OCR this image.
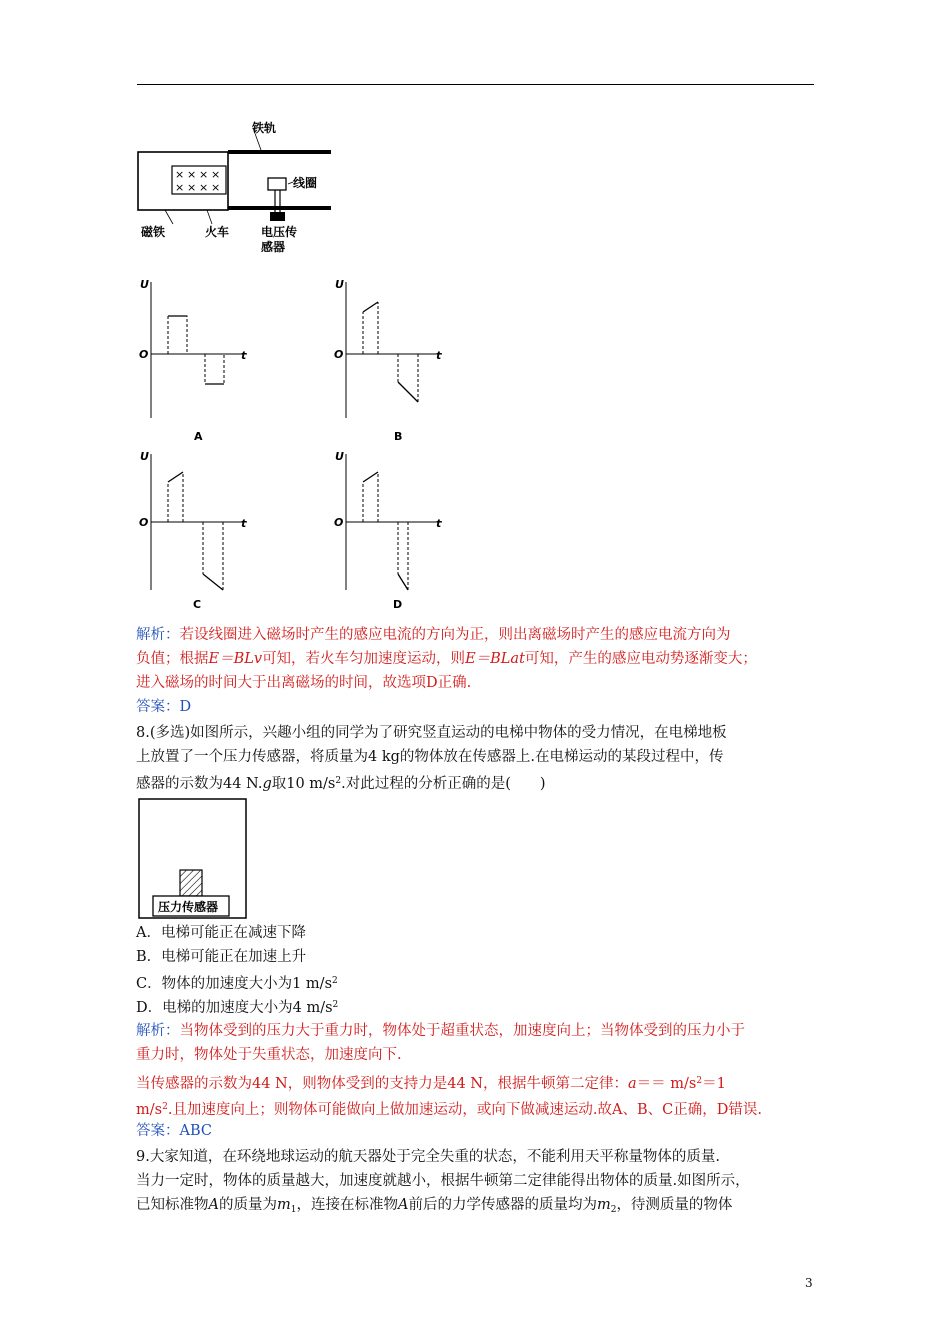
铁轨
× × × ×
× × × ×	线圈
磁铁	火车	电压传
感器
U
t
O
A
U
t
O
B
U
t
O
C
U
t
O
D
解析：若设线圈进入磁场时产生的感应电流的方向为正，则出离磁场时产生的感应电流方向为
负值；根据E＝BLv可知，若火车匀加速度运动，则E＝BLat可知，产生的感应电动势逐渐变大；
进入磁场的时间大于出离磁场的时间，故选项D正确.
答案：D
8.(多选)如图所示，兴趣小组的同学为了研究竖直运动的电梯中物体的受力情况，在电梯地板
上放置了一个压力传感器，将质量为4 kg的物体放在传感器上.在电梯运动的某段过程中，传
感器的示数为44 N.g取10 $m/s^2$.对此过程的分析正确的是(　　)
压力传感器
A．电梯可能正在减速下降
B．电梯可能正在加速上升
C．物体的加速度大小为1 $m/s^2$
D．电梯的加速度大小为4 $m/s^2$
解析：当物体受到的压力大于重力时，物体处于超重状态，加速度向上；当物体受到的压力小于
重力时，物体处于失重状态，加速度向下.
当传感器的示数为44 N，则物体受到的支持力是44 N，根据牛顿第二定律：$a== m/s^2=1$
$m/s^2$.且加速度向上；则物体可能做向上做加速运动，或向下做减速运动.故A、B、C正确，D错误.
答案：ABC
9.大家知道，在环绕地球运动的航天器处于完全失重的状态，不能利用天平称量物体的质量.
当力一定时，物体的质量越大，加速度就越小，根据牛顿第二定律能得出物体的质量.如图所示，
已知标准物A的质量为$m_1$，连接在标准物A前后的力学传感器的质量均为$m_2$，待测质量的物体
3
